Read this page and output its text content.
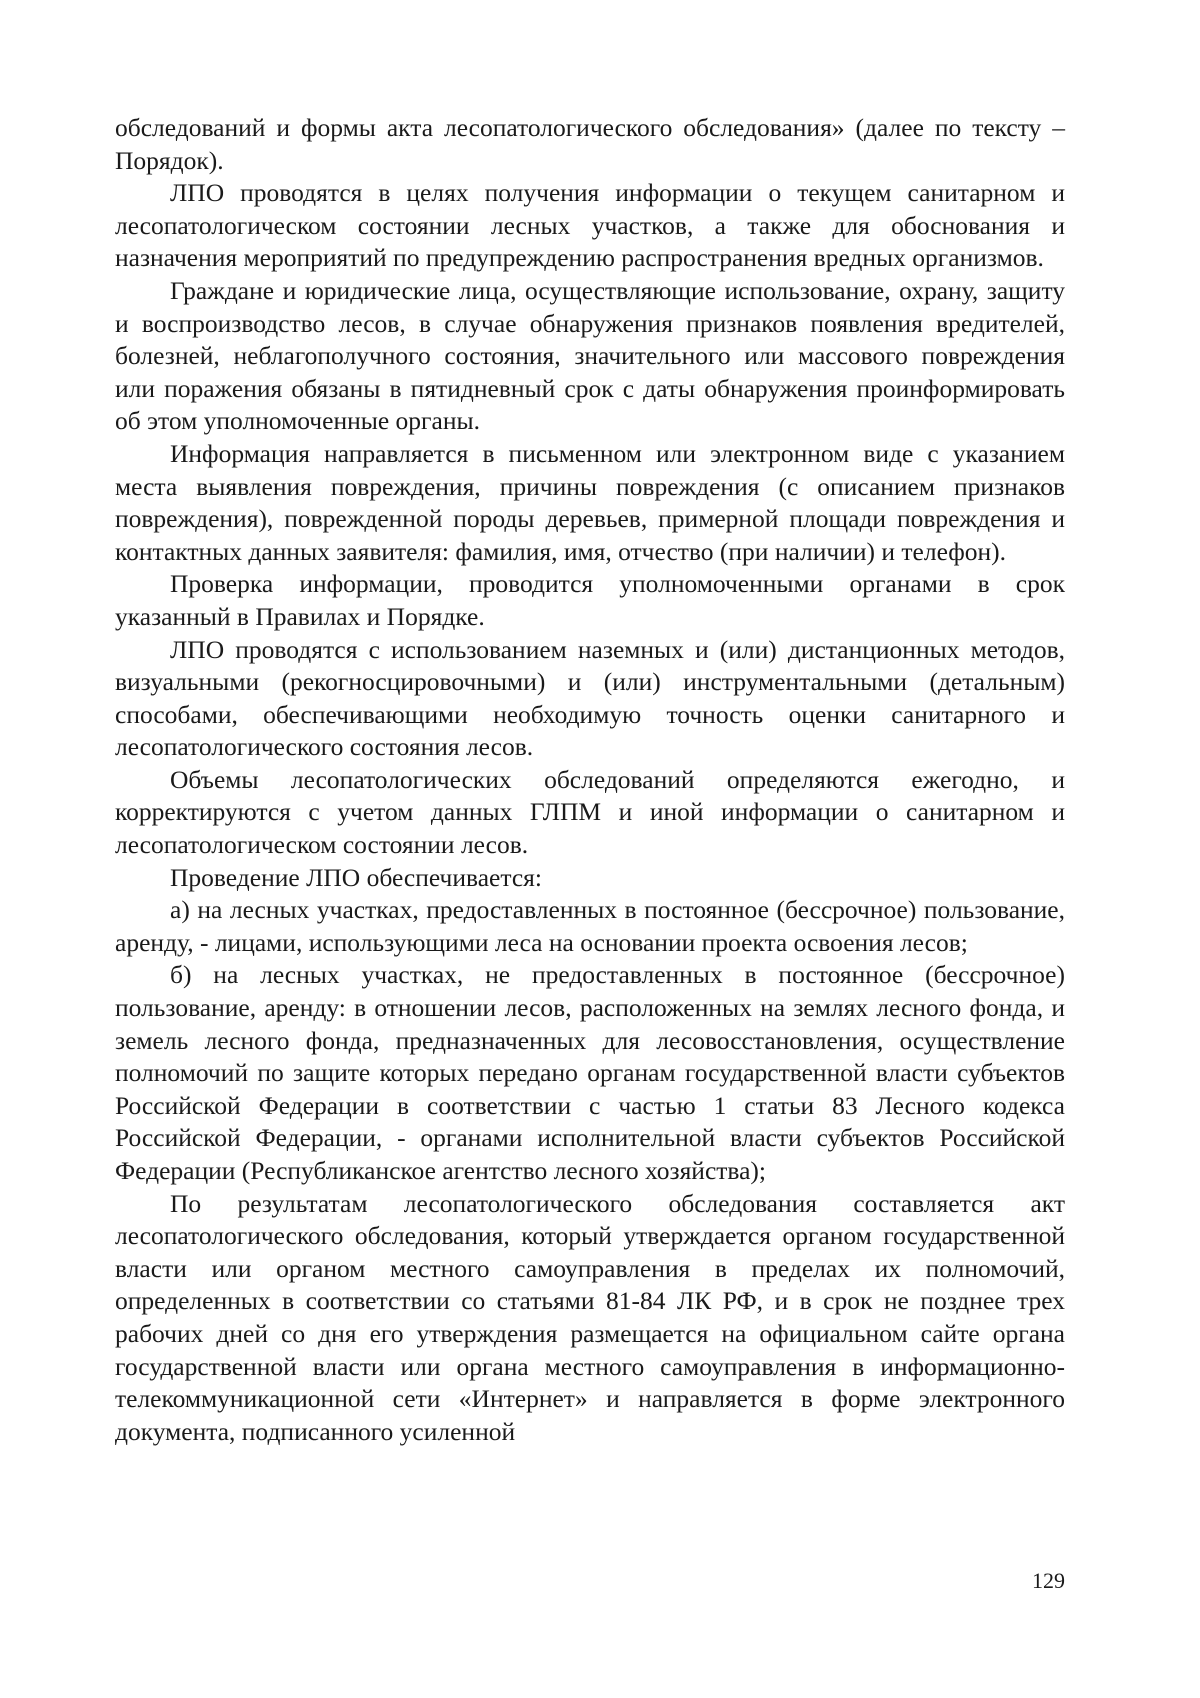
обследований и формы акта лесопатологического обследования» (далее по тексту – Порядок).

ЛПО проводятся в целях получения информации о текущем санитарном и лесопатологическом состоянии лесных участков, а также для обоснования и назначения мероприятий по предупреждению распространения вредных организмов.

Граждане и юридические лица, осуществляющие использование, охрану, защиту и воспроизводство лесов, в случае обнаружения признаков появления вредителей, болезней, неблагополучного состояния, значительного или массового повреждения или поражения обязаны в пятидневный срок с даты обнаружения проинформировать об этом уполномоченные органы.

Информация направляется в письменном или электронном виде с указанием места выявления повреждения, причины повреждения (с описанием признаков повреждения), поврежденной породы деревьев, примерной площади повреждения и контактных данных заявителя: фамилия, имя, отчество (при наличии) и телефон).

Проверка информации, проводится уполномоченными органами в срок указанный в Правилах и Порядке.

ЛПО проводятся с использованием наземных и (или) дистанционных методов, визуальными (рекогносцировочными) и (или) инструментальными (детальным) способами, обеспечивающими необходимую точность оценки санитарного и лесопатологического состояния лесов.

Объемы лесопатологических обследований определяются ежегодно, и корректируются с учетом данных ГЛПМ и иной информации о санитарном и лесопатологическом состоянии лесов.

Проведение ЛПО обеспечивается:

а) на лесных участках, предоставленных в постоянное (бессрочное) пользование, аренду, - лицами, использующими леса на основании проекта освоения лесов;

б) на лесных участках, не предоставленных в постоянное (бессрочное) пользование, аренду: в отношении лесов, расположенных на землях лесного фонда, и земель лесного фонда, предназначенных для лесовосстановления, осуществление полномочий по защите которых передано органам государственной власти субъектов Российской Федерации в соответствии с частью 1 статьи 83 Лесного кодекса Российской Федерации, - органами исполнительной власти субъектов Российской Федерации (Республиканское агентство лесного хозяйства);

По результатам лесопатологического обследования составляется акт лесопатологического обследования, который утверждается органом государственной власти или органом местного самоуправления в пределах их полномочий, определенных в соответствии со статьями 81-84 ЛК РФ, и в срок не позднее трех рабочих дней со дня его утверждения размещается на официальном сайте органа государственной власти или органа местного самоуправления в информационно-телекоммуникационной сети «Интернет» и направляется в форме электронного документа, подписанного усиленной

129
